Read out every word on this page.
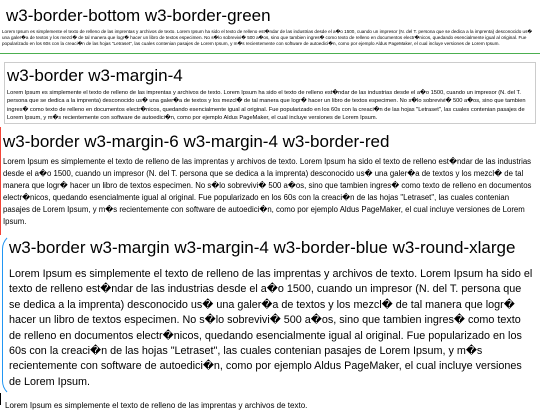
w3-border-bottom w3-border-green

Lorem Ipsum es simplemente el texto de relleno de las imprentas y archivos de texto. Lorem Ipsum ha sido el texto de relleno est�ndar de las industrias desde el a�o 1500, cuando un impresor (N. del T. persona que se dedica a la imprenta) desconocido us� una galer�a de textos y los mezcl� de tal manera que logr� hacer un libro de textos especimen. No s�lo sobrevivi� 500 a�os, sino que tambien ingres� como texto de relleno en documentos electr�nicos, quedando esencialmente igual al original. Fue popularizado en los 60s con la creaci�n de las hojas "Letraset", las cuales contenian pasajes de Lorem Ipsum, y m�s recientemente con software de autoedici�n, como por ejemplo Aldus PageMaker, el cual incluye versiones de Lorem Ipsum.

w3-border w3-margin-4

Lorem Ipsum es simplemente el texto de relleno de las imprentas y archivos de texto. Lorem Ipsum ha sido el texto de relleno est�ndar de las industrias desde el a�o 1500, cuando un impresor (N. del T. persona que se dedica a la imprenta) desconocido us� una galer�a de textos y los mezcl� de tal manera que logr� hacer un libro de textos especimen. No s�lo sobrevivi� 500 a�os, sino que tambien ingres� como texto de relleno en documentos electr�nicos, quedando esencialmente igual al original. Fue popularizado en los 60s con la creaci�n de las hojas "Letraset", las cuales contenian pasajes de Lorem Ipsum, y m�s recientemente con software de autoedici�n, como por ejemplo Aldus PageMaker, el cual incluye versiones de Lorem Ipsum.

w3-border w3-margin-6 w3-margin-4 w3-border-red

Lorem Ipsum es simplemente el texto de relleno de las imprentas y archivos de texto. Lorem Ipsum ha sido el texto de relleno est�ndar de las industrias desde el a�o 1500, cuando un impresor (N. del T. persona que se dedica a la imprenta) desconocido us� una galer�a de textos y los mezcl� de tal manera que logr� hacer un libro de textos especimen. No s�lo sobrevivi� 500 a�os, sino que tambien ingres� como texto de relleno en documentos electr�nicos, quedando esencialmente igual al original. Fue popularizado en los 60s con la creaci�n de las hojas "Letraset", las cuales contenian pasajes de Lorem Ipsum, y m�s recientemente con software de autoedici�n, como por ejemplo Aldus PageMaker, el cual incluye versiones de Lorem Ipsum.

w3-border w3-margin w3-margin-4 w3-border-blue w3-round-xlarge

Lorem Ipsum es simplemente el texto de relleno de las imprentas y archivos de texto. Lorem Ipsum ha sido el texto de relleno est�ndar de las industrias desde el a�o 1500, cuando un impresor (N. del T. persona que se dedica a la imprenta) desconocido us� una galer�a de textos y los mezcl� de tal manera que logr� hacer un libro de textos especimen. No s�lo sobrevivi� 500 a�os, sino que tambien ingres� como texto de relleno en documentos electr�nicos, quedando esencialmente igual al original. Fue popularizado en los 60s con la creaci�n de las hojas "Letraset", las cuales contenian pasajes de Lorem Ipsum, y m�s recientemente con software de autoedici�n, como por ejemplo Aldus PageMaker, el cual incluye versiones de Lorem Ipsum.

Lorem Ipsum es simplemente el texto de relleno de las imprentas y archivos de texto.
